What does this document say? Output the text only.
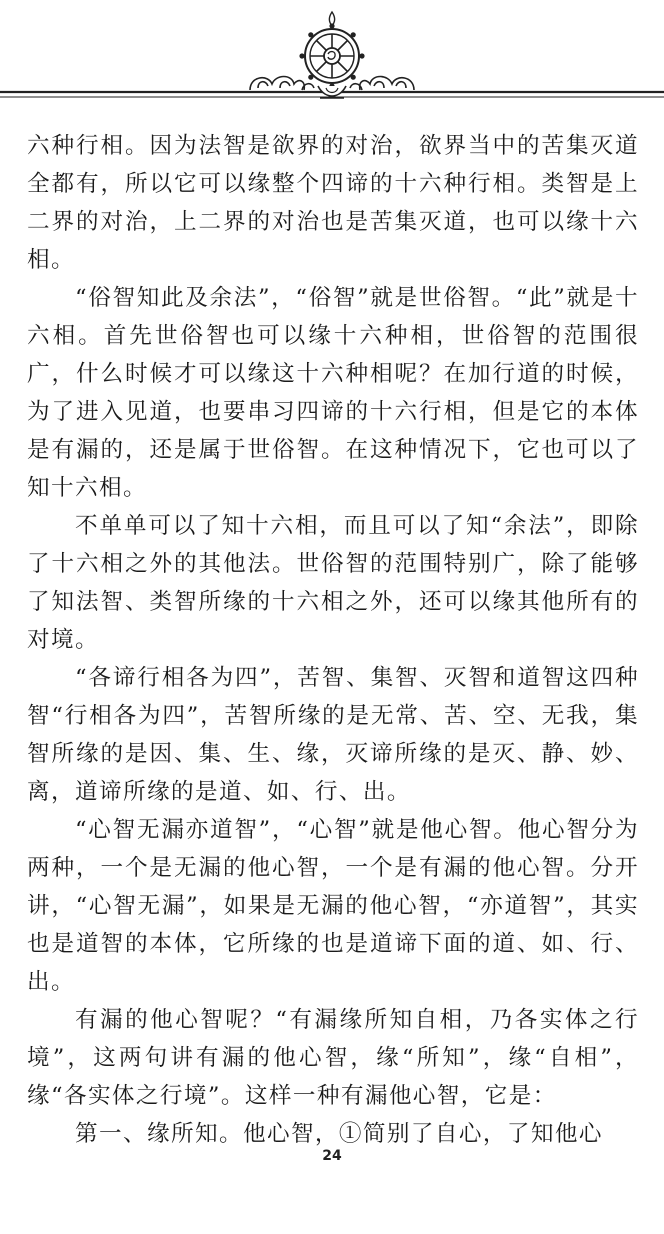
六种行相。因为法智是欲界的对治，欲界当中的苦集灭道全都有，所以它可以缘整个四谛的十六种行相。类智是上二界的对治，上二界的对治也是苦集灭道，也可以缘十六相。

“俗智知此及余法”，“俗智”就是世俗智。“此”就是十六相。首先世俗智也可以缘十六种相，世俗智的范围很广，什么时候才可以缘这十六种相呢？在加行道的时候，为了进入见道，也要串习四谛的十六行相，但是它的本体是有漏的，还是属于世俗智。在这种情况下，它也可以了知十六相。

不单单可以了知十六相，而且可以了知“余法”，即除了十六相之外的其他法。世俗智的范围特别广，除了能够了知法智、类智所缘的十六相之外，还可以缘其他所有的对境。

“各谛行相各为四”，苦智、集智、灭智和道智这四种智“行相各为四”，苦智所缘的是无常、苦、空、无我，集智所缘的是因、集、生、缘，灭谛所缘的是灭、静、妙、离，道谛所缘的是道、如、行、出。

“心智无漏亦道智”，“心智”就是他心智。他心智分为两种，一个是无漏的他心智，一个是有漏的他心智。分开讲，“心智无漏”，如果是无漏的他心智，“亦道智”，其实也是道智的本体，它所缘的也是道谛下面的道、如、行、出。

有漏的他心智呢？“有漏缘所知自相，乃各实体之行境”，这两句讲有漏的他心智，缘“所知”，缘“自相”，缘“各实体之行境”。这样一种有漏他心智，它是：

第一、缘所知。他心智，①简别了自心，了知他心

24
